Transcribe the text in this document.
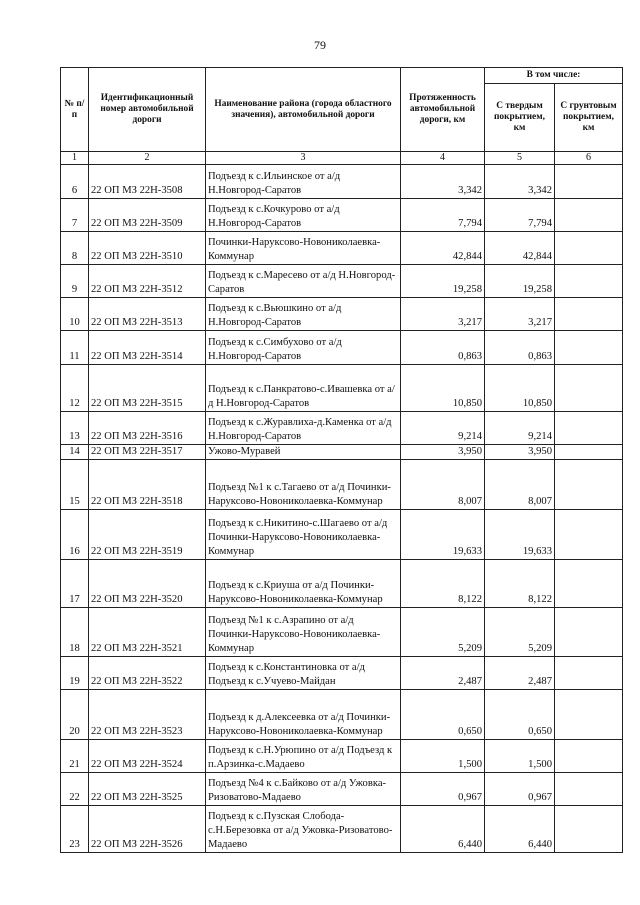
79
№ п/п	Идентификационный номер автомобильной дороги	Наименование района (города областного значения), автомобильной дороги	Протяженность автомобильной дороги, км	В том числе:	
				С твердым покрытием, км	С грунтовым покрытием, км
1	2	3	4	5	6
6	22 ОП МЗ 22Н-3508	Подъезд к с.Ильинское от а/д Н.Новгород-Саратов	3,342	3,342	
7	22 ОП МЗ 22Н-3509	Подъезд к с.Кочкурово от а/д Н.Новгород-Саратов	7,794	7,794	
8	22 ОП МЗ 22Н-3510	Починки-Наруксово-Новониколаевка-Коммунар	42,844	42,844	
9	22 ОП МЗ 22Н-3512	Подъезд к с.Маресево от а/д Н.Новгород-Саратов	19,258	19,258	
10	22 ОП МЗ 22Н-3513	Подъезд к с.Вьюшкино от а/д Н.Новгород-Саратов	3,217	3,217	
11	22 ОП МЗ 22Н-3514	Подъезд к с.Симбухово от а/д Н.Новгород-Саратов	0,863	0,863	
12	22 ОП МЗ 22Н-3515	Подъезд к с.Панкратово-с.Ивашевка от а/д Н.Новгород-Саратов	10,850	10,850	
13	22 ОП МЗ 22Н-3516	Подъезд к с.Журавлиха-д.Каменка от а/д Н.Новгород-Саратов	9,214	9,214	
14	22 ОП МЗ 22Н-3517	Ужово-Муравей	3,950	3,950	
15	22 ОП МЗ 22Н-3518	Подъезд №1 к с.Тагаево от а/д Починки-Наруксово-Новониколаевка-Коммунар	8,007	8,007	
16	22 ОП МЗ 22Н-3519	Подъезд к с.Никитино-с.Шагаево от а/д Починки-Наруксово-Новониколаевка-Коммунар	19,633	19,633	
17	22 ОП МЗ 22Н-3520	Подъезд к с.Криуша от а/д Починки-Наруксово-Новониколаевка-Коммунар	8,122	8,122	
18	22 ОП МЗ 22Н-3521	Подъезд №1 к с.Азрапино от а/д Починки-Наруксово-Новониколаевка-Коммунар	5,209	5,209	
19	22 ОП МЗ 22Н-3522	Подъезд к с.Константиновка от а/д Подъезд к с.Учуево-Майдан	2,487	2,487	
20	22 ОП МЗ 22Н-3523	Подъезд к д.Алексеевка от а/д Починки-Наруксово-Новониколаевка-Коммунар	0,650	0,650	
21	22 ОП МЗ 22Н-3524	Подъезд к с.Н.Урюпино от а/д Подъезд к п.Арзинка-с.Мадаево	1,500	1,500	
22	22 ОП МЗ 22Н-3525	Подъезд №4 к с.Байково от а/д Ужовка-Ризоватово-Мадаево	0,967	0,967	
23	22 ОП МЗ 22Н-3526	Подъезд к с.Пузская Слобода-с.Н.Березовка от а/д Ужовка-Ризоватово-Мадаево	6,440	6,440	
